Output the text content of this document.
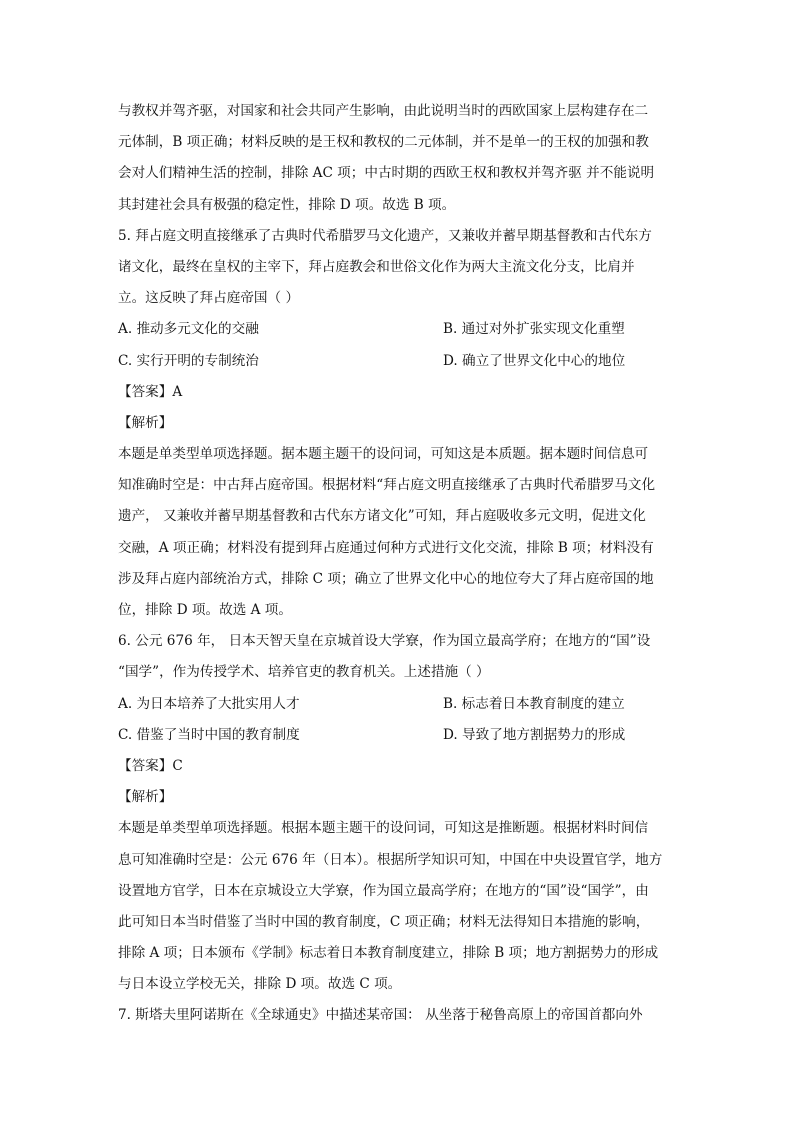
与教权并驾齐驱，对国家和社会共同产生影响，由此说明当时的西欧国家上层构建存在二
元体制，B 项正确；材料反映的是王权和教权的二元体制，并不是单一的王权的加强和教
会对人们精神生活的控制，排除 AC 项；中古时期的西欧王权和教权并驾齐驱 并不能说明
其封建社会具有极强的稳定性，排除 D 项。故选 B 项。
5. 拜占庭文明直接继承了古典时代希腊罗马文化遗产，又兼收并蓄早期基督教和古代东方
诸文化，最终在皇权的主宰下，拜占庭教会和世俗文化作为两大主流文化分支，比肩并
立。这反映了拜占庭帝国（ ）
A. 推动多元文化的交融	B. 通过对外扩张实现文化重塑
C. 实行开明的专制统治	D. 确立了世界文化中心的地位
【答案】A
【解析】
本题是单类型单项选择题。据本题主题干的设问词，可知这是本质题。据本题时间信息可
知准确时空是：中古拜占庭帝国。根据材料“拜占庭文明直接继承了古典时代希腊罗马文化
遗产， 又兼收并蓄早期基督教和古代东方诸文化”可知，拜占庭吸收多元文明，促进文化
交融，A 项正确；材料没有提到拜占庭通过何种方式进行文化交流，排除 B 项；材料没有
涉及拜占庭内部统治方式，排除 C 项；确立了世界文化中心的地位夸大了拜占庭帝国的地
位，排除 D 项。故选 A 项。
6. 公元 676 年， 日本天智天皇在京城首设大学寮，作为国立最高学府；在地方的“国”设
“国学”，作为传授学术、培养官吏的教育机关。上述措施（ ）
A. 为日本培养了大批实用人才	B. 标志着日本教育制度的建立
C. 借鉴了当时中国的教育制度	D. 导致了地方割据势力的形成
【答案】C
【解析】
本题是单类型单项选择题。根据本题主题干的设问词，可知这是推断题。根据材料时间信
息可知准确时空是：公元 676 年（日本）。根据所学知识可知，中国在中央设置官学，地方
设置地方官学，日本在京城设立大学寮，作为国立最高学府；在地方的“国”设“国学”，由
此可知日本当时借鉴了当时中国的教育制度，C 项正确；材料无法得知日本措施的影响，
排除 A 项；日本颁布《学制》标志着日本教育制度建立，排除 B 项；地方割据势力的形成
与日本设立学校无关，排除 D 项。故选 C 项。
7. 斯塔夫里阿诺斯在《全球通史》中描述某帝国： 从坐落于秘鲁高原上的帝国首都向外
